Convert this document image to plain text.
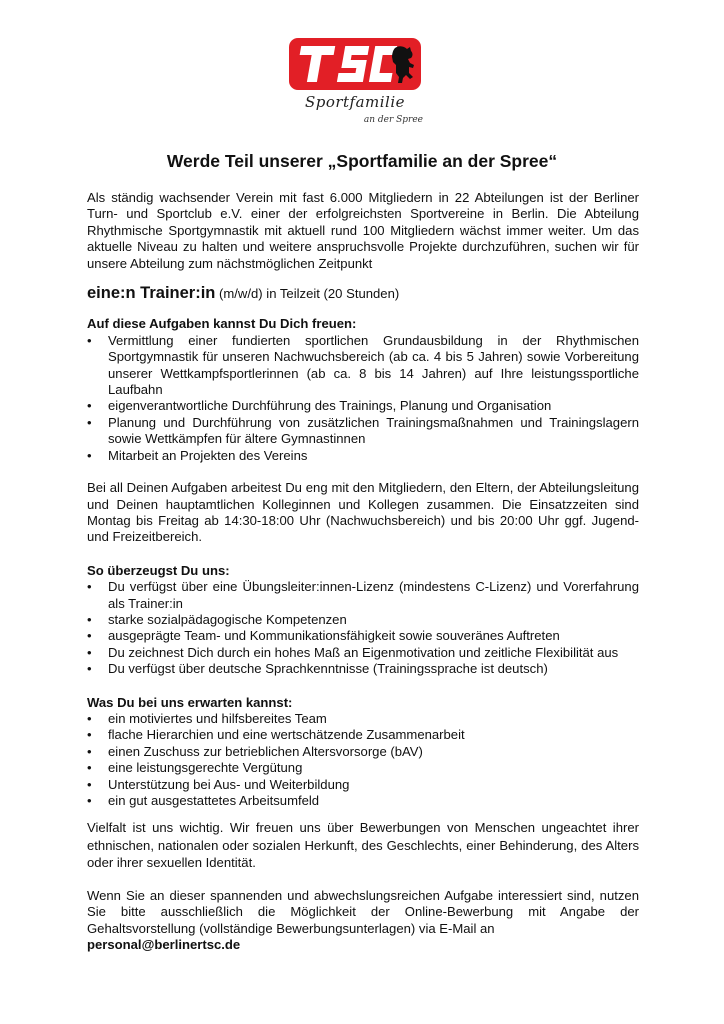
Sportfamilie
an der Spree
Werde Teil unserer „Sportfamilie an der Spree“

Als ständig wachsender Verein mit fast 6.000 Mitgliedern in 22 Abteilungen ist der Berliner Turn- und Sportclub e.V. einer der erfolgreichsten Sportvereine in Berlin. Die Abteilung Rhythmische Sportgymnastik mit aktuell rund 100 Mitgliedern wächst immer weiter. Um das aktuelle Niveau zu halten und weitere anspruchsvolle Projekte durchzuführen, suchen wir für unsere Abteilung zum nächstmöglichen Zeitpunkt

eine:n Trainer:in (m/w/d) in Teilzeit (20 Stunden)
Auf diese Aufgaben kannst Du Dich freuen:
• Vermittlung einer fundierten sportlichen Grundausbildung in der Rhythmischen Sportgymnastik für unseren Nachwuchsbereich (ab ca. 4 bis 5 Jahren) sowie Vorbereitung unserer Wettkampfsportlerinnen (ab ca. 8 bis 14 Jahren) auf Ihre leistungssportliche Laufbahn
• eigenverantwortliche Durchführung des Trainings, Planung und Organisation
• Planung und Durchführung von zusätzlichen Trainingsmaßnahmen und Trainingslagern sowie Wettkämpfen für ältere Gymnastinnen
• Mitarbeit an Projekten des Vereins

Bei all Deinen Aufgaben arbeitest Du eng mit den Mitgliedern, den Eltern, der Abteilungsleitung und Deinen hauptamtlichen Kolleginnen und Kollegen zusammen. Die Einsatzzeiten sind Montag bis Freitag ab 14:30-18:00 Uhr (Nachwuchsbereich) und bis 20:00 Uhr ggf. Jugend- und Freizeitbereich.

So überzeugst Du uns:
• Du verfügst über eine Übungsleiter:innen-Lizenz (mindestens C-Lizenz) und Vorerfahrung als Trainer:in
• starke sozialpädagogische Kompetenzen
• ausgeprägte Team- und Kommunikationsfähigkeit sowie souveränes Auftreten
• Du zeichnest Dich durch ein hohes Maß an Eigenmotivation und zeitliche Flexibilität aus
• Du verfügst über deutsche Sprachkenntnisse (Trainingssprache ist deutsch)
Was Du bei uns erwarten kannst:
• ein motiviertes und hilfsbereites Team
• flache Hierarchien und eine wertschätzende Zusammenarbeit
• einen Zuschuss zur betrieblichen Altersvorsorge (bAV)
• eine leistungsgerechte Vergütung
• Unterstützung bei Aus- und Weiterbildung
• ein gut ausgestattetes Arbeitsumfeld

Vielfalt ist uns wichtig. Wir freuen uns über Bewerbungen von Menschen ungeachtet ihrer ethnischen, nationalen oder sozialen Herkunft, des Geschlechts, einer Behinderung, des Alters oder ihrer sexuellen Identität.

Wenn Sie an dieser spannenden und abwechslungsreichen Aufgabe interessiert sind, nutzen Sie bitte ausschließlich die Möglichkeit der Online-Bewerbung mit Angabe der Gehaltsvorstellung (vollständige Bewerbungsunterlagen) via E-Mail an
personal@berlinertsc.de
